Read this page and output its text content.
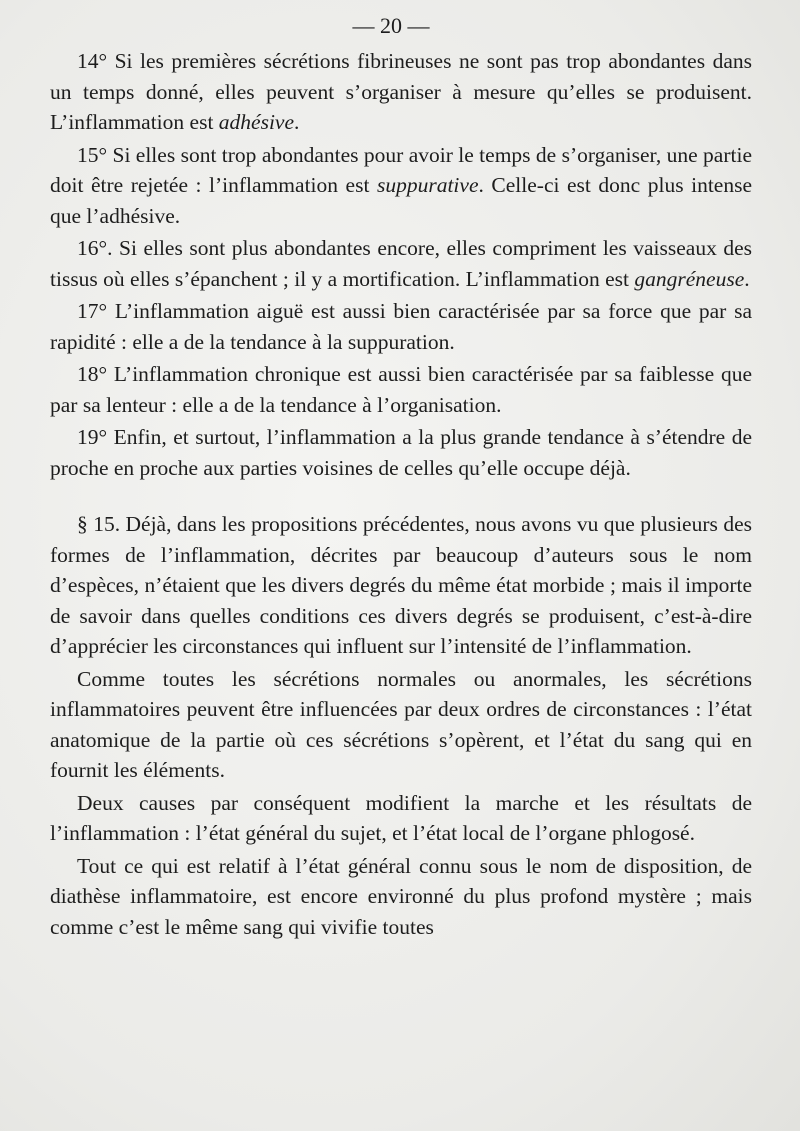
— 20 —

14° Si les premières sécrétions fibrineuses ne sont pas trop abondantes dans un temps donné, elles peuvent s’organiser à mesure qu’elles se produisent. L’inflammation est adhésive.

15° Si elles sont trop abondantes pour avoir le temps de s’organiser, une partie doit être rejetée : l’inflammation est suppurative. Celle-ci est donc plus intense que l’adhésive.

16°. Si elles sont plus abondantes encore, elles compriment les vaisseaux des tissus où elles s’épanchent ; il y a mortification. L’inflammation est gangréneuse.

17° L’inflammation aiguë est aussi bien caractérisée par sa force que par sa rapidité : elle a de la tendance à la suppuration.

18° L’inflammation chronique est aussi bien caractérisée par sa faiblesse que par sa lenteur : elle a de la tendance à l’organisation.

19° Enfin, et surtout, l’inflammation a la plus grande tendance à s’étendre de proche en proche aux parties voisines de celles qu’elle occupe déjà.

§ 15. Déjà, dans les propositions précédentes, nous avons vu que plusieurs des formes de l’inflammation, décrites par beaucoup d’auteurs sous le nom d’espèces, n’étaient que les divers degrés du même état morbide ; mais il importe de savoir dans quelles conditions ces divers degrés se produisent, c’est-à-dire d’apprécier les circonstances qui influent sur l’intensité de l’inflammation.

Comme toutes les sécrétions normales ou anormales, les sécrétions inflammatoires peuvent être influencées par deux ordres de circonstances : l’état anatomique de la partie où ces sécrétions s’opèrent, et l’état du sang qui en fournit les éléments.

Deux causes par conséquent modifient la marche et les résultats de l’inflammation : l’état général du sujet, et l’état local de l’organe phlogosé.

Tout ce qui est relatif à l’état général connu sous le nom de disposition, de diathèse inflammatoire, est encore environné du plus profond mystère ; mais comme c’est le même sang qui vivifie toutes
